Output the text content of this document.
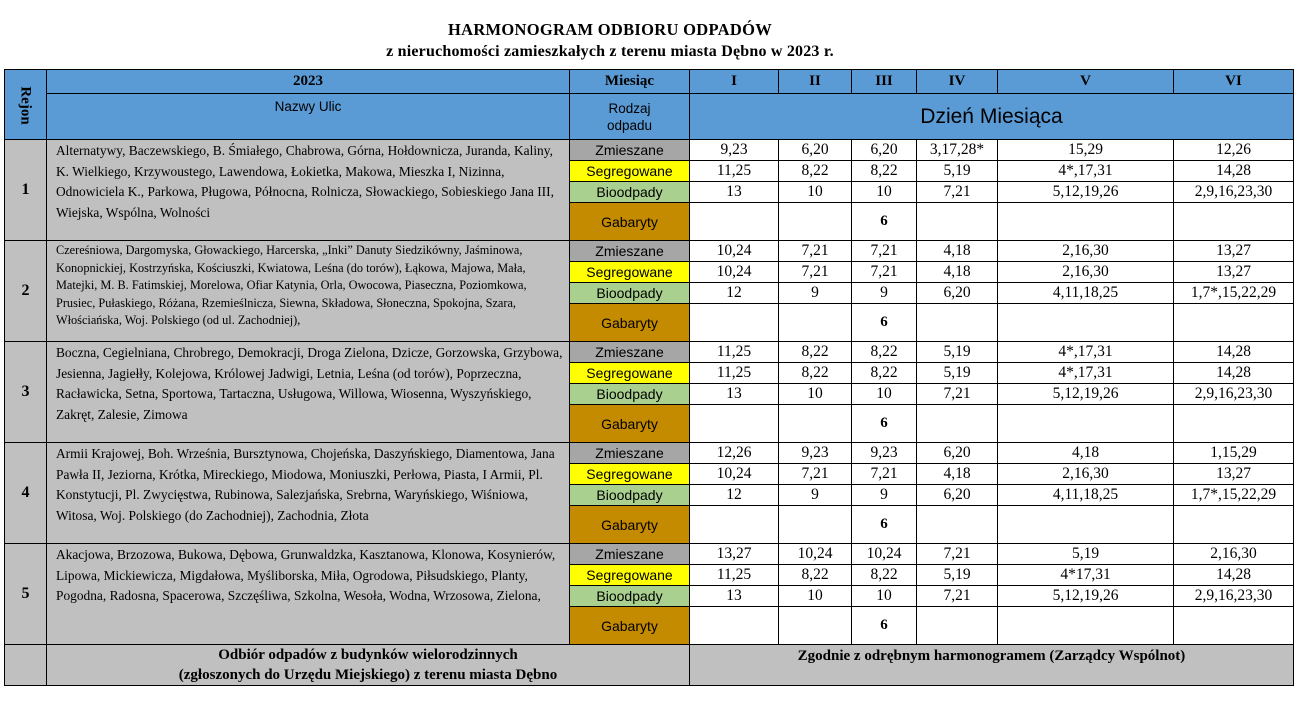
HARMONOGRAM ODBIORU ODPADÓW
z nieruchomości zamieszkałych z terenu miasta Dębno w 2023 r.
Rejon	2023	Miesiąc	I	II	III	IV	V	VI
	Nazwy Ulic	Rodzaj
odpadu	Dzień Miesiąca					
1	Alternatywy, Baczewskiego, B. Śmiałego, Chabrowa, Górna, Hołdownicza, Juranda, Kaliny, K. Wielkiego, Krzywoustego, Lawendowa, Łokietka, Makowa, Mieszka I, Nizinna, Odnowiciela K., Parkowa, Pługowa, Północna, Rolnicza, Słowackiego, Sobieskiego Jana III, Wiejska, Wspólna, Wolności	Zmieszane	9,23	6,20	6,20	3,17,28*	15,29	12,26
		Segregowane	11,25	8,22	8,22	5,19	4*,17,31	14,28
		Bioodpady	13	10	10	7,21	5,12,19,26	2,9,16,23,30
		Gabaryty			6			
2	Czereśniowa, Dargomyska, Głowackiego, Harcerska, „Inki” Danuty Siedzikówny, Jaśminowa, Konopnickiej, Kostrzyńska, Kościuszki, Kwiatowa, Leśna (do torów), Łąkowa, Majowa, Mała, Matejki, M. B. Fatimskiej, Morelowa, Ofiar Katynia, Orla, Owocowa, Piaseczna, Poziomkowa, Prusiec, Pułaskiego, Różana, Rzemieślnicza, Siewna, Składowa, Słoneczna, Spokojna, Szara, Włościańska, Woj. Polskiego (od ul. Zachodniej),	Zmieszane	10,24	7,21	7,21	4,18	2,16,30	13,27
		Segregowane	10,24	7,21	7,21	4,18	2,16,30	13,27
		Bioodpady	12	9	9	6,20	4,11,18,25	1,7*,15,22,29
		Gabaryty			6			
3	Boczna, Cegielniana, Chrobrego, Demokracji, Droga Zielona, Dzicze, Gorzowska, Grzybowa, Jesienna, Jagiełły, Kolejowa, Królowej Jadwigi, Letnia, Leśna (od torów), Poprzeczna, Racławicka, Setna, Sportowa, Tartaczna, Usługowa, Willowa, Wiosenna, Wyszyńskiego, Zakręt, Zalesie, Zimowa	Zmieszane	11,25	8,22	8,22	5,19	4*,17,31	14,28
		Segregowane	11,25	8,22	8,22	5,19	4*,17,31	14,28
		Bioodpady	13	10	10	7,21	5,12,19,26	2,9,16,23,30
		Gabaryty			6			
4	Armii Krajowej, Boh. Września, Bursztynowa, Chojeńska, Daszyńskiego, Diamentowa, Jana Pawła II, Jeziorna, Krótka, Mireckiego, Miodowa, Moniuszki, Perłowa, Piasta, I Armii, Pl. Konstytucji, Pl. Zwycięstwa, Rubinowa, Salezjańska, Srebrna, Waryńskiego, Wiśniowa, Witosa, Woj. Polskiego (do Zachodniej), Zachodnia, Złota	Zmieszane	12,26	9,23	9,23	6,20	4,18	1,15,29
		Segregowane	10,24	7,21	7,21	4,18	2,16,30	13,27
		Bioodpady	12	9	9	6,20	4,11,18,25	1,7*,15,22,29
		Gabaryty			6			
5	Akacjowa, Brzozowa, Bukowa, Dębowa, Grunwaldzka, Kasztanowa, Klonowa, Kosynierów, Lipowa, Mickiewicza, Migdałowa, Myśliborska, Miła, Ogrodowa, Piłsudskiego, Planty, Pogodna, Radosna, Spacerowa, Szczęśliwa, Szkolna, Wesoła, Wodna, Wrzosowa, Zielona,	Zmieszane	13,27	10,24	10,24	7,21	5,19	2,16,30
		Segregowane	11,25	8,22	8,22	5,19	4*17,31	14,28
		Bioodpady	13	10	10	7,21	5,12,19,26	2,9,16,23,30
		Gabaryty			6			

	Odbiór odpadów z budynków wielorodzinnych
(zgłoszonych do Urzędu Miejskiego) z terenu miasta Dębno		Zgodnie z odrębnym harmonogramem (Zarządcy Wspólnot)					
